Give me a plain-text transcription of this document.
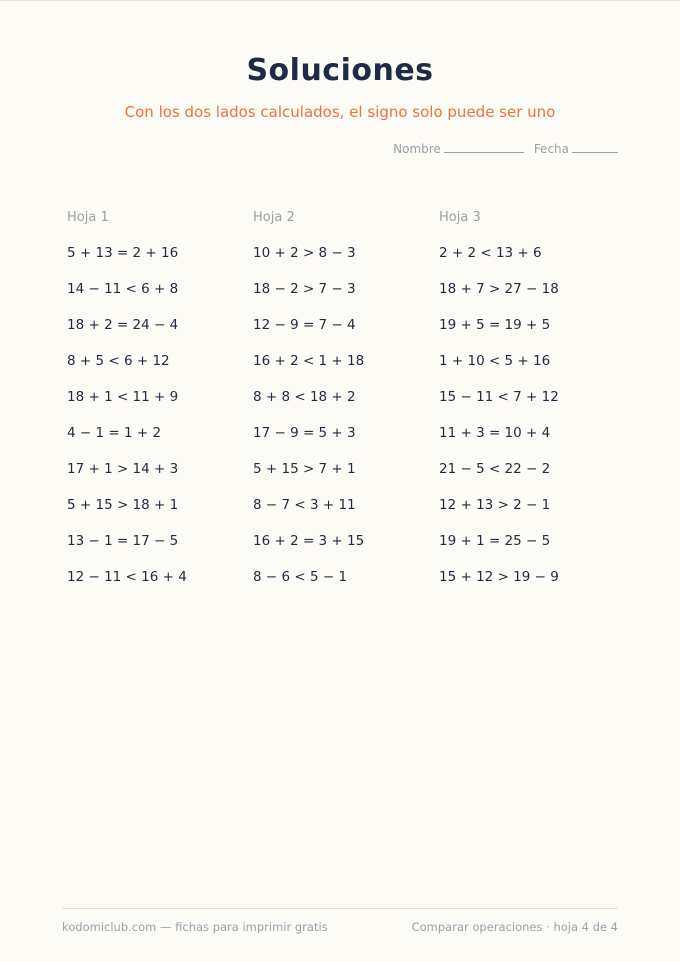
Soluciones
Con los dos lados calculados, el signo solo puede ser uno
Nombre	Fecha
Hoja 1
5 + 13 = 2 + 16
14 − 11 < 6 + 8
18 + 2 = 24 − 4
8 + 5 < 6 + 12
18 + 1 < 11 + 9
4 − 1 = 1 + 2
17 + 1 > 14 + 3
5 + 15 > 18 + 1
13 − 1 = 17 − 5
12 − 11 < 16 + 4
Hoja 2
10 + 2 > 8 − 3
18 − 2 > 7 − 3
12 − 9 = 7 − 4
16 + 2 < 1 + 18
8 + 8 < 18 + 2
17 − 9 = 5 + 3
5 + 15 > 7 + 1
8 − 7 < 3 + 11
16 + 2 = 3 + 15
8 − 6 < 5 − 1
Hoja 3
2 + 2 < 13 + 6
18 + 7 > 27 − 18
19 + 5 = 19 + 5
1 + 10 < 5 + 16
15 − 11 < 7 + 12
11 + 3 = 10 + 4
21 − 5 < 22 − 2
12 + 13 > 2 − 1
19 + 1 = 25 − 5
15 + 12 > 19 − 9
kodomiclub.com — fichas para imprimir gratis	Comparar operaciones · hoja 4 de 4
